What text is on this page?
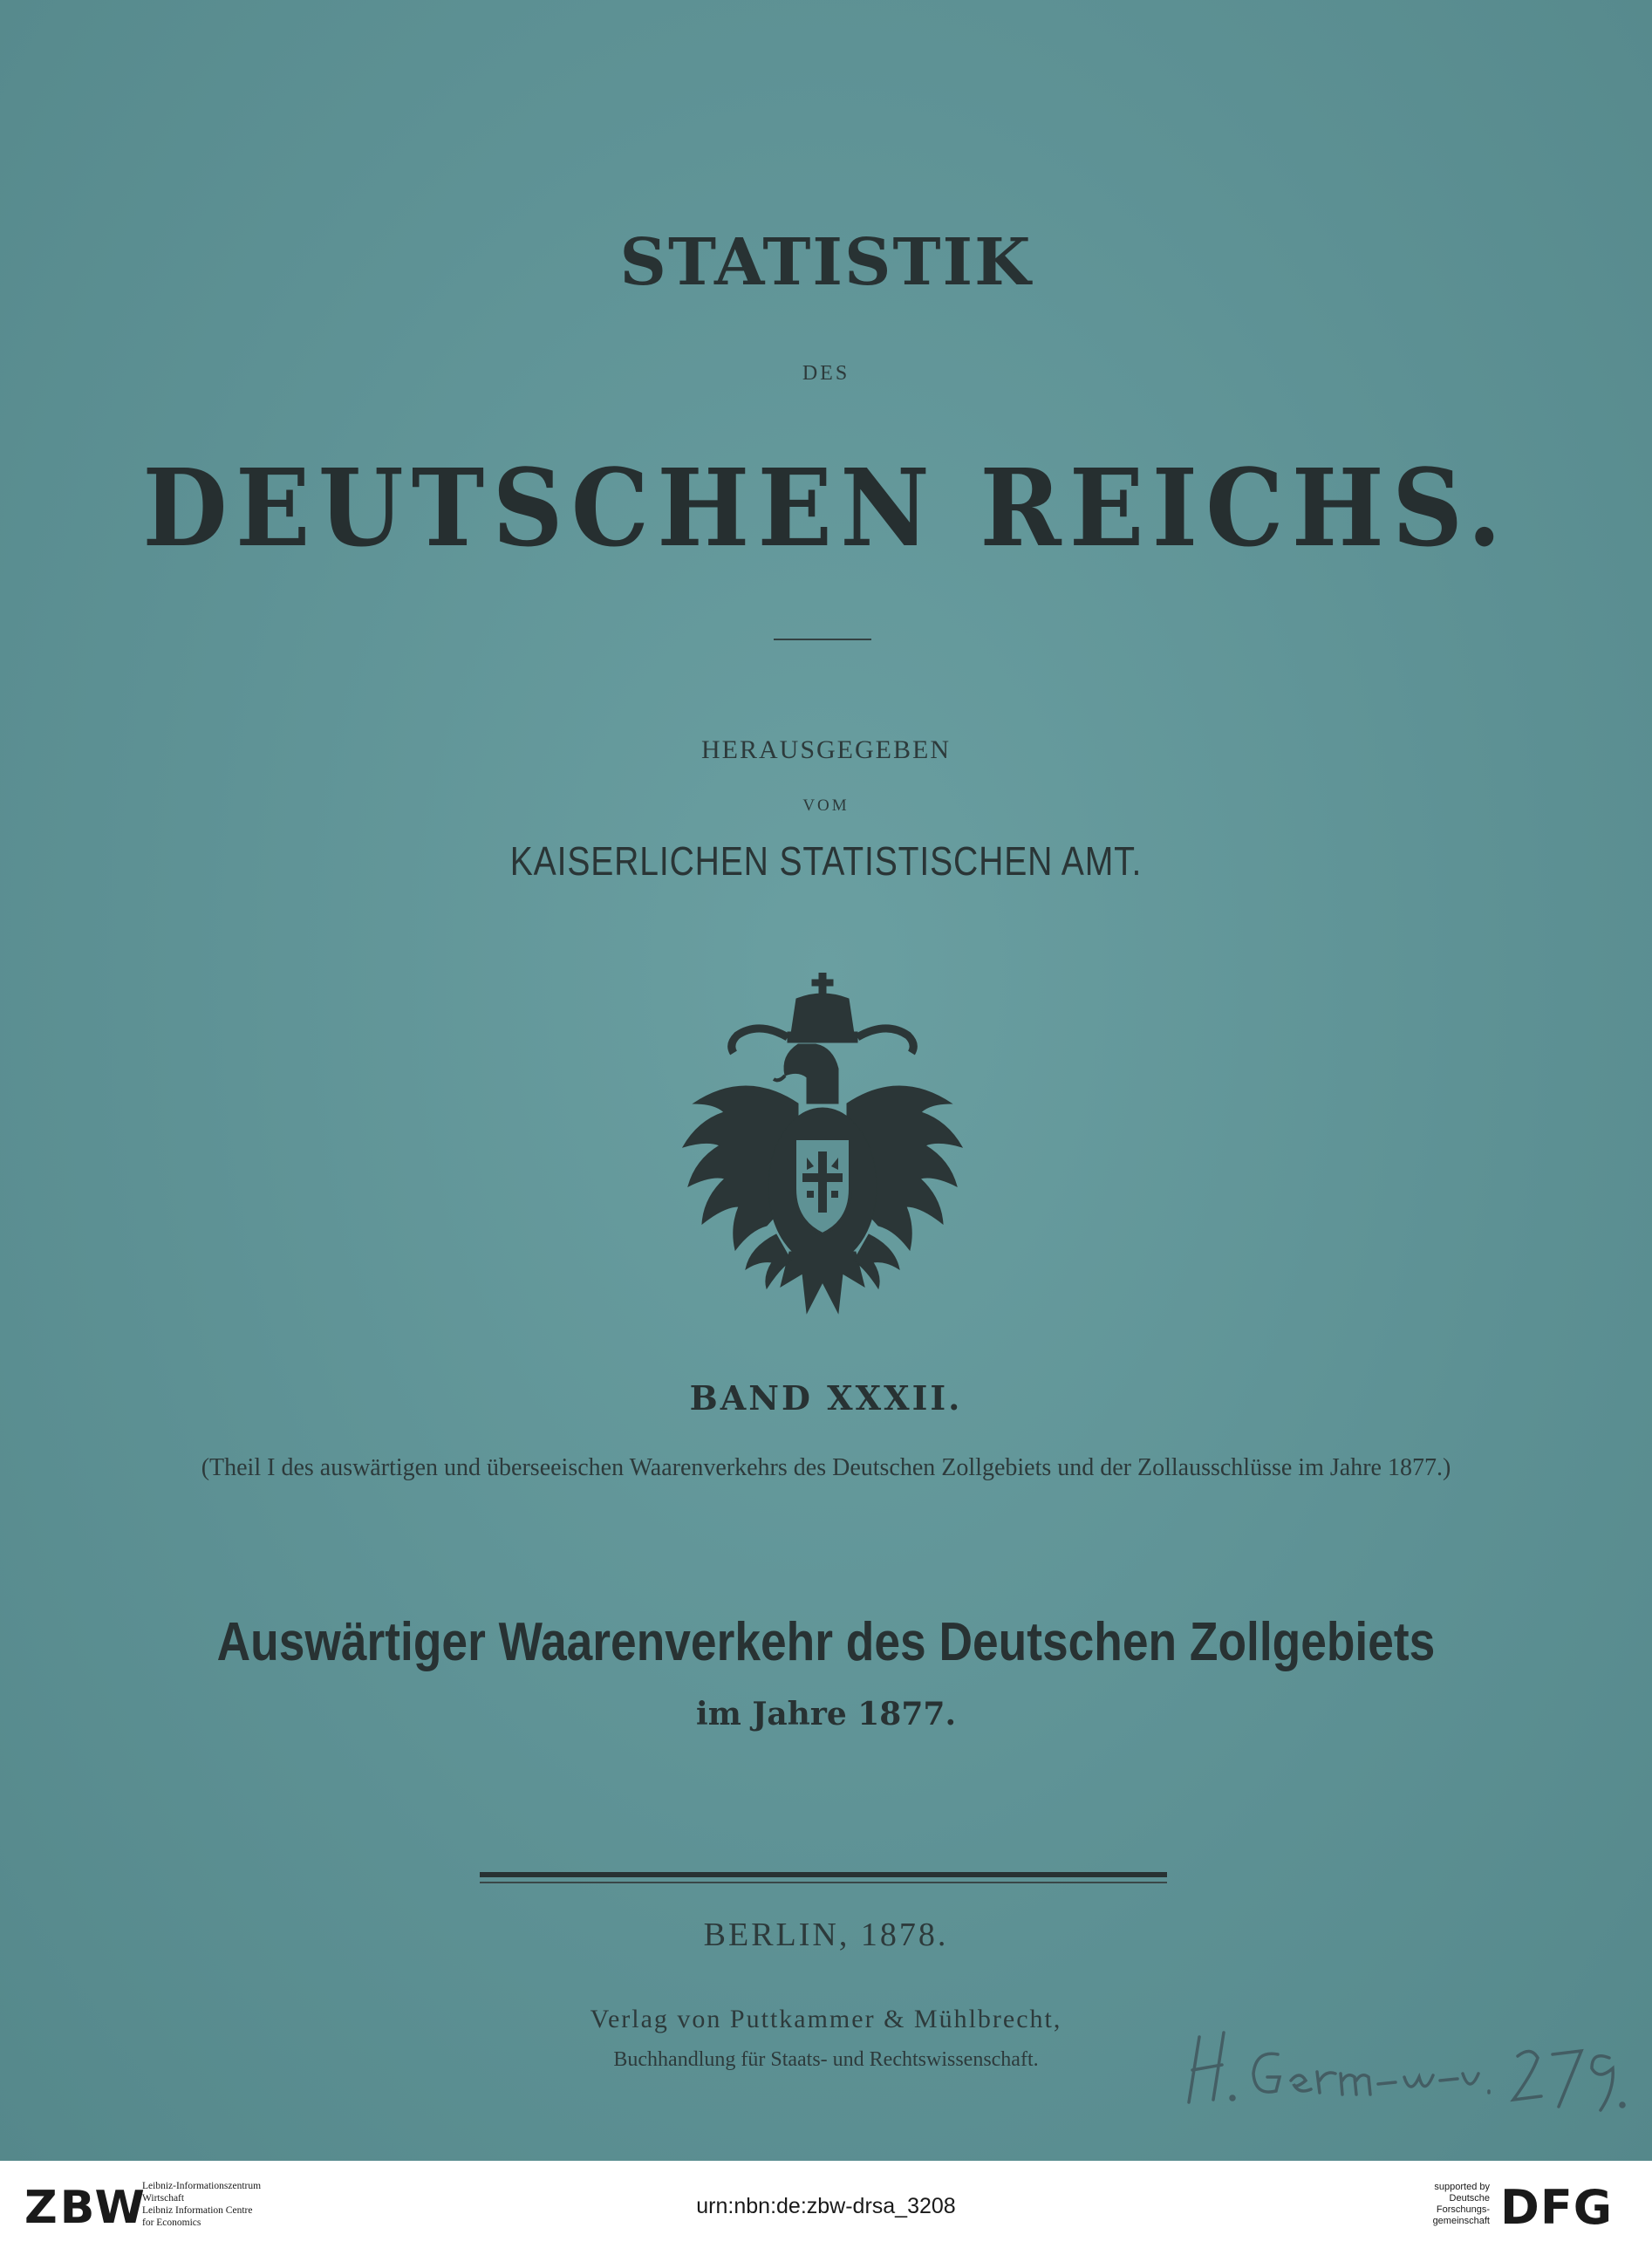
STATISTIK
DES
DEUTSCHEN REICHS.
HERAUSGEGEBEN
VOM
KAISERLICHEN STATISTISCHEN AMT.
BAND XXXII.
(Theil I des auswärtigen und überseeischen Waarenverkehrs des Deutschen Zollgebiets und der Zollausschlüsse im Jahre 1877.)
Auswärtiger Waarenverkehr des Deutschen Zollgebiets
im Jahre 1877.
BERLIN, 1878.
Verlag von Puttkammer & Mühlbrecht,
Buchhandlung für Staats- und Rechtswissenschaft.
ZBW
Leibniz-Informationszentrum
Wirtschaft
Leibniz Information Centre
for Economics
urn:nbn:de:zbw-drsa_3208
supported by
Deutsche
Forschungs-
gemeinschaft DFG
